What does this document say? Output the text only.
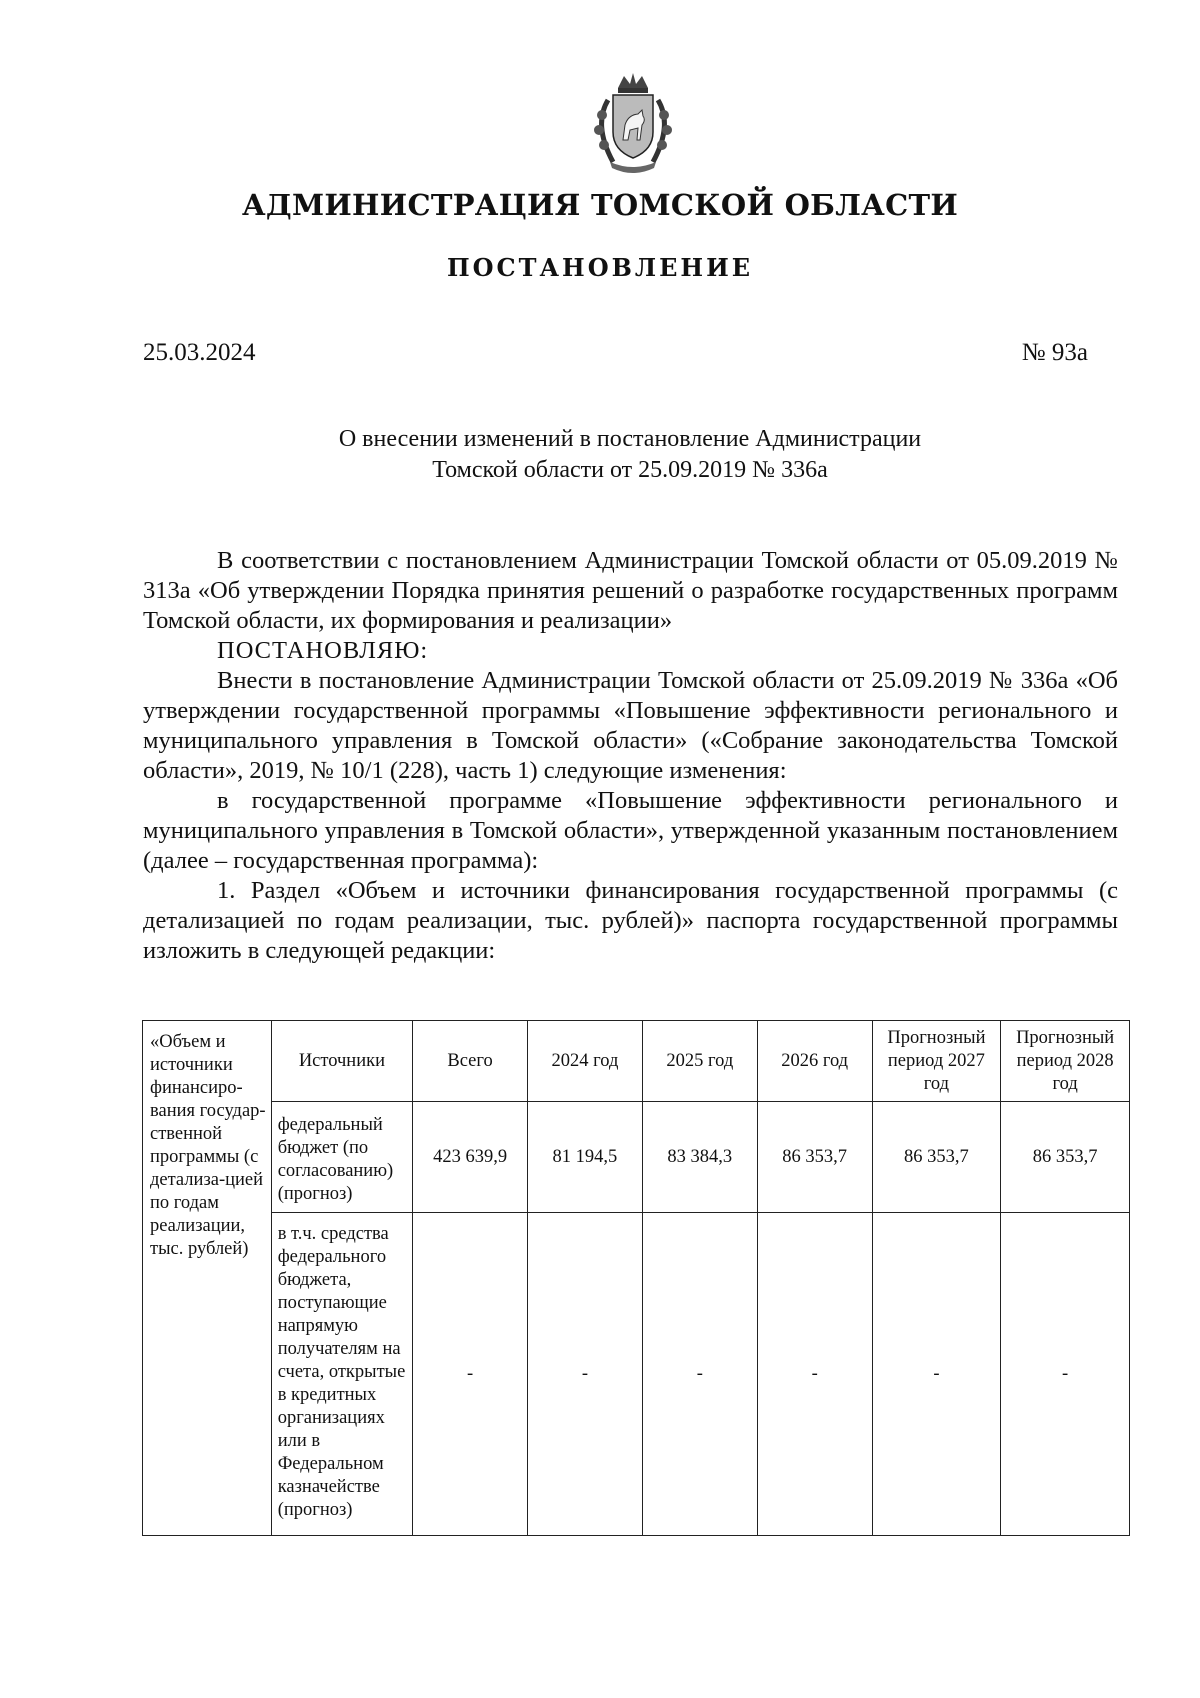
АДМИНИСТРАЦИЯ ТОМСКОЙ ОБЛАСТИ
ПОСТАНОВЛЕНИЕ
25.03.2024	№ 93а
О внесении изменений в постановление Администрации
Томской области от 25.09.2019 № 336а

В соответствии с постановлением Администрации Томской области от 05.09.2019 № 313а «Об утверждении Порядка принятия решений о разработке государственных программ Томской области, их формирования и реализации»

ПОСТАНОВЛЯЮ:

Внести в постановление Администрации Томской области от 25.09.2019 № 336а «Об утверждении государственной программы «Повышение эффективности регионального и муниципального управления в Томской области» («Собрание законодательства Томской области», 2019, № 10/1 (228), часть 1) следующие изменения:

в государственной программе «Повышение эффективности регионального и муниципального управления в Томской области», утвержденной указанным постановлением (далее – государственная программа):

1. Раздел «Объем и источники финансирования государственной программы (с детализацией по годам реализации, тыс. рублей)» паспорта государственной программы изложить в следующей редакции:

«Объем и источники финансиро-вания государ-ственной программы (с детализа-цией по годам реализации, тыс. рублей)	Источники	Всего	2024 год	2025 год	2026 год	Прогнозный период 2027 год	Прогнозный период 2028 год
	федеральный бюджет (по согласованию) (прогноз)	423 639,9	81 194,5	83 384,3	86 353,7	86 353,7	86 353,7
	в т.ч. средства федерального бюджета, поступающие напрямую получателям на счета, открытые в кредитных организациях или в Федеральном казначействе (прогноз)	-	-	-	-	-	-
